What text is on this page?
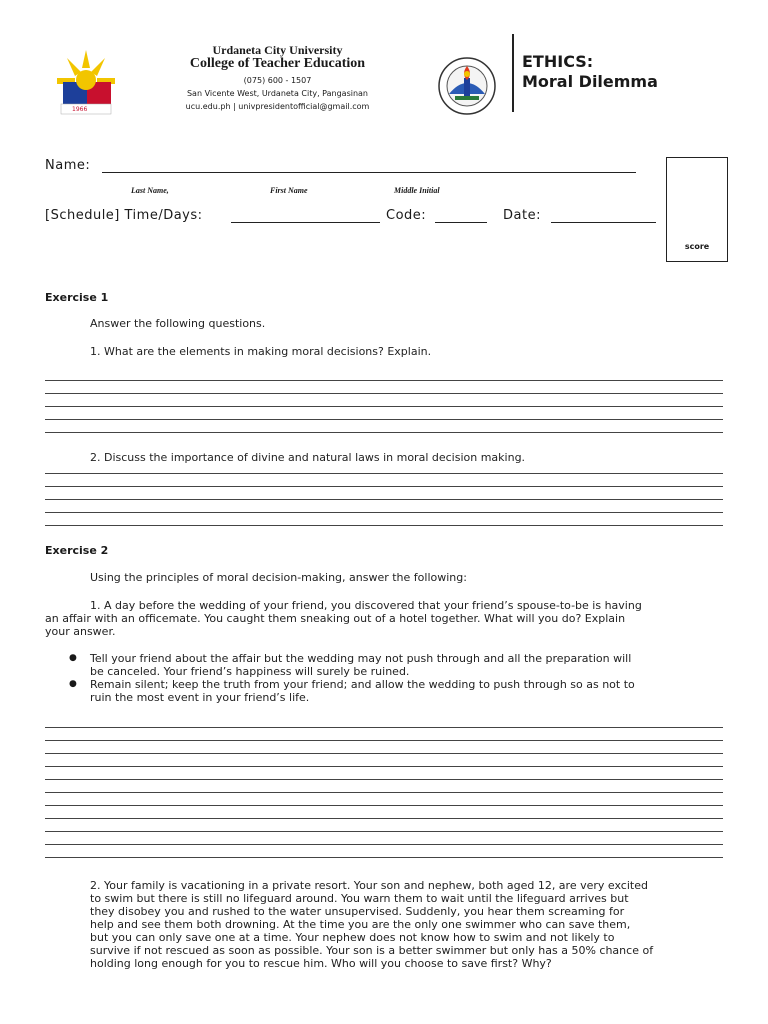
1966
Urdaneta City University
College of Teacher Education
(075) 600 - 1507
San Vicente West, Urdaneta City, Pangasinan
ucu.edu.ph | univpresidentofficial@gmail.com
ETHICS:
Moral Dilemma
Name:
Last Name,	First Name	Middle Initial
[Schedule] Time/Days:	Code:	Date:
score
Exercise 1
Answer the following questions.
1. What are the elements in making moral decisions? Explain.
2. Discuss the importance of divine and natural laws in moral decision making.
Exercise 2
Using the principles of moral decision-making, answer the following:
1. A day before the wedding of your friend, you discovered that your friend’s spouse-to-be is having
an affair with an officemate. You caught them sneaking out of a hotel together. What will you do? Explain
your answer.
● Tell your friend about the affair but the wedding may not push through and all the preparation will
be canceled. Your friend’s happiness will surely be ruined.
● Remain silent; keep the truth from your friend; and allow the wedding to push through so as not to
ruin the most event in your friend’s life.
2. Your family is vacationing in a private resort. Your son and nephew, both aged 12, are very excited
to swim but there is still no lifeguard around. You warn them to wait until the lifeguard arrives but
they disobey you and rushed to the water unsupervised. Suddenly, you hear them screaming for
help and see them both drowning. At the time you are the only one swimmer who can save them,
but you can only save one at a time. Your nephew does not know how to swim and not likely to
survive if not rescued as soon as possible. Your son is a better swimmer but only has a 50% chance of
holding long enough for you to rescue him. Who will you choose to save first? Why?
